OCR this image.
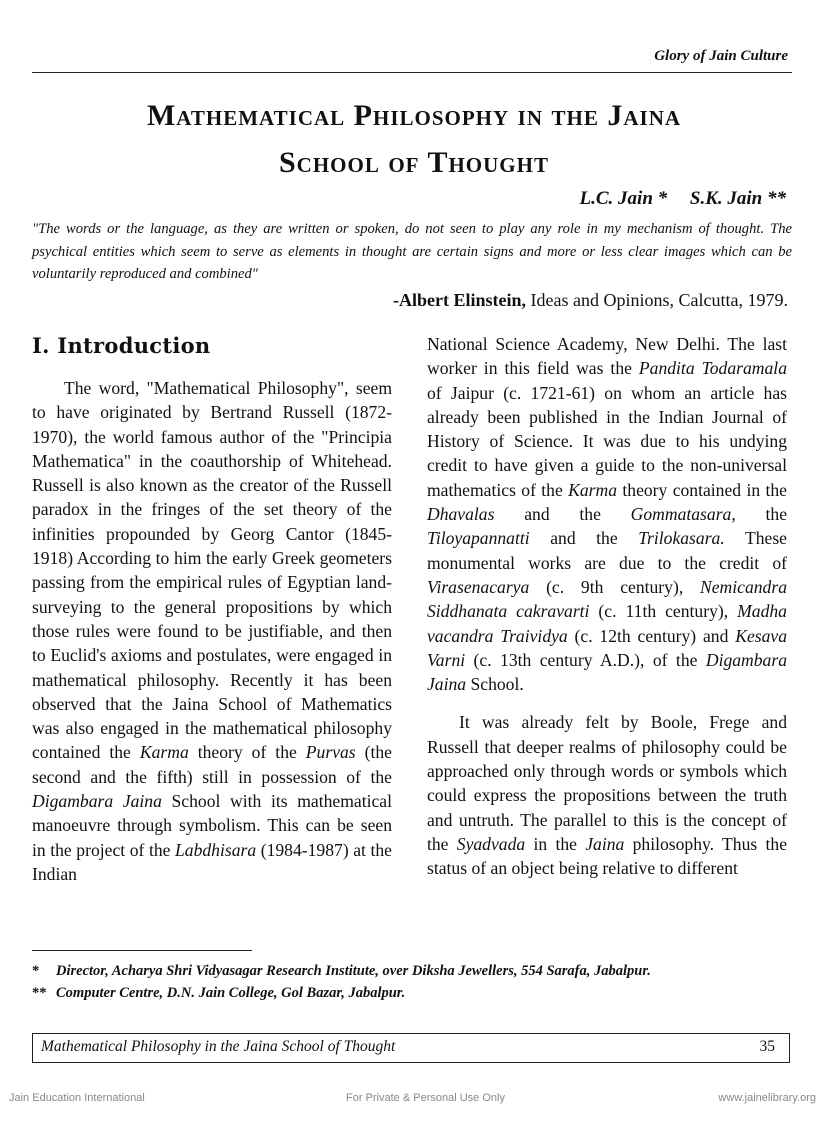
Glory of Jain Culture
Mathematical Philosophy in the Jaina
School of Thought
L.C. Jain * S.K. Jain **
"The words or the language, as they are written or spoken, do not seen to play any role in my mechanism of thought. The psychical entities which seem to serve as elements in thought are certain signs and more or less clear images which can be voluntarily reproduced and combined"
-Albert Elinstein, Ideas and Opinions, Calcutta, 1979.
I. Introduction

The word, "Mathematical Philosophy", seem to have originated by Bertrand Russell (1872-1970), the world famous author of the "Principia Mathematica" in the coauthorship of Whitehead. Russell is also known as the creator of the Russell paradox in the fringes of the set theory of the infinities propounded by Georg Cantor (1845-1918) According to him the early Greek geometers passing from the empirical rules of Egyptian land-surveying to the general propositions by which those rules were found to be justifiable, and then to Euclid's axioms and postulates, were engaged in mathematical philosophy. Recently it has been observed that the Jaina School of Mathematics was also engaged in the mathematical philosophy contained the Karma theory of the Purvas (the second and the fifth) still in possession of the Digambara Jaina School with its mathematical manoeuvre through symbolism. This can be seen in the project of the Labdhisara (1984-1987) at the Indian

National Science Academy, New Delhi. The last worker in this field was the Pandita Todaramala of Jaipur (c. 1721-61) on whom an article has already been published in the Indian Journal of History of Science. It was due to his undying credit to have given a guide to the non-universal mathematics of the Karma theory contained in the Dhavalas and the Gommatasara, the Tiloyapannatti and the Trilokasara. These monumental works are due to the credit of Virasenacarya (c. 9th century), Nemicandra Siddhanata cakravarti (c. 11th century), Madha vacandra Traividya (c. 12th century) and Kesava Varni (c. 13th century A.D.), of the Digambara Jaina School.

It was already felt by Boole, Frege and Russell that deeper realms of philosophy could be approached only through words or symbols which could express the propositions between the truth and untruth. The parallel to this is the concept of the Syadvada in the Jaina philosophy. Thus the status of an object being relative to different

* Director, Acharya Shri Vidyasagar Research Institute, over Diksha Jewellers, 554 Sarafa, Jabalpur.
** Computer Centre, D.N. Jain College, Gol Bazar, Jabalpur.
Mathematical Philosophy in the Jaina School of Thought	35
Jain Education International	For Private & Personal Use Only	www.jainelibrary.org
